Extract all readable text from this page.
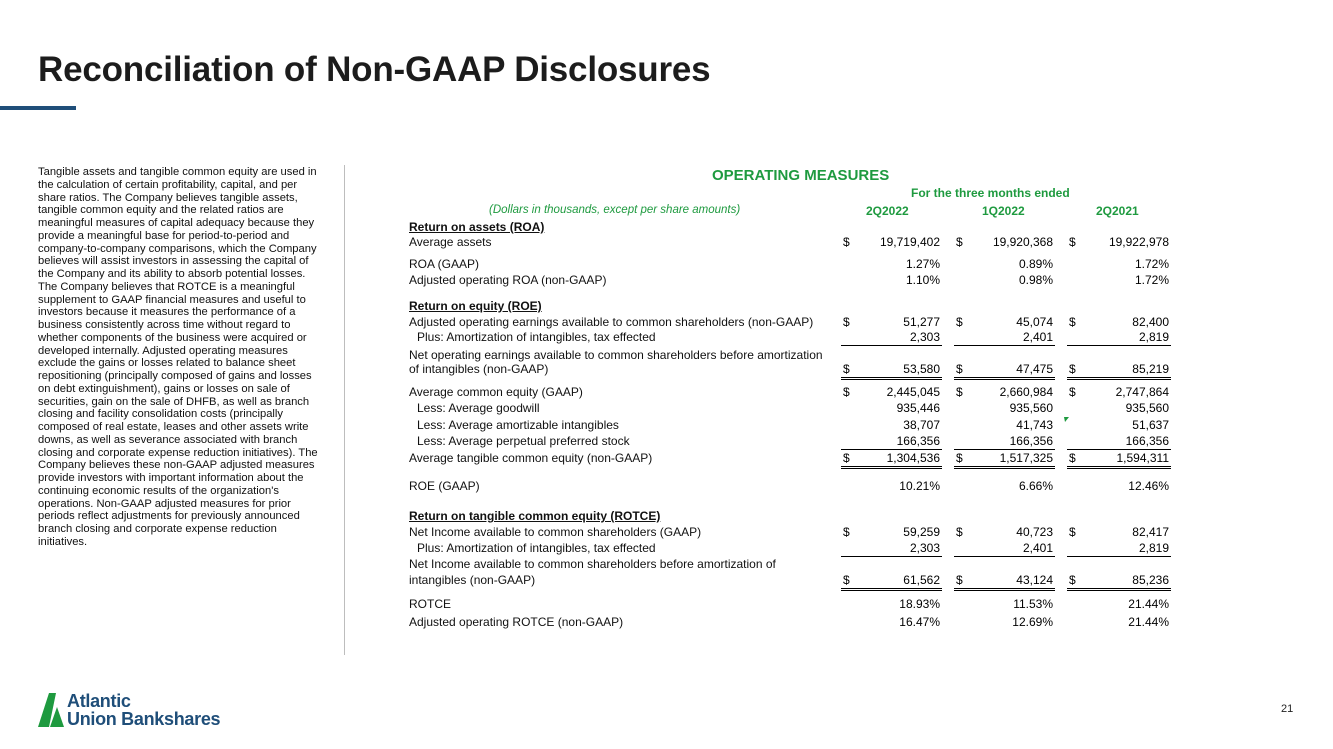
Reconciliation of Non-GAAP Disclosures
Tangible assets and tangible common equity are used in the calculation of certain profitability, capital, and per share ratios. The Company believes tangible assets, tangible common equity and the related ratios are meaningful measures of capital adequacy because they provide a meaningful base for period-to-period and company-to-company comparisons, which the Company believes will assist investors in assessing the capital of the Company and its ability to absorb potential losses. The Company believes that ROTCE is a meaningful supplement to GAAP financial measures and useful to investors because it measures the performance of a business consistently across time without regard to whether components of the business were acquired or developed internally. Adjusted operating measures exclude the gains or losses related to balance sheet repositioning (principally composed of gains and losses on debt extinguishment), gains or losses on sale of securities, gain on the sale of DHFB, as well as branch closing and facility consolidation costs (principally composed of real estate, leases and other assets write downs, as well as severance associated with branch closing and corporate expense reduction initiatives). The Company believes these non-GAAP adjusted measures provide investors with important information about the continuing economic results of the organization's operations. Non-GAAP adjusted measures for prior periods reflect adjustments for previously announced branch closing and corporate expense reduction initiatives.
OPERATING MEASURES
For the three months ended
(Dollars in thousands, except per share amounts)	2Q2022	1Q2022	2Q2021
Return on assets (ROA)
Average assets	$	19,719,402 $	19,920,368 $	19,922,978
ROA (GAAP)	1.27%	0.89%	1.72%
Adjusted operating ROA (non-GAAP)	1.10%	0.98%	1.72%
Return on equity (ROE)
Adjusted operating earnings available to common shareholders (non-GAAP) $	51,277 $	45,074 $	82,400
Plus: Amortization of intangibles, tax effected	2,303	2,401	2,819
Net operating earnings available to common shareholders before amortization
of intangibles (non-GAAP)	$	53,580 $	47,475 $	85,219
Average common equity (GAAP)	$	2,445,045 $	2,660,984 $	2,747,864
Less: Average goodwill	935,446	935,560	935,560
Less: Average amortizable intangibles	38,707	41,743	51,637
Less: Average perpetual preferred stock	166,356	166,356	166,356
Average tangible common equity (non-GAAP)	$	1,304,536 $	1,517,325 $	1,594,311
ROE (GAAP)	10.21%	6.66%	12.46%
Return on tangible common equity (ROTCE)
Net Income available to common shareholders (GAAP)	$	59,259 $	40,723 $	82,417
Plus: Amortization of intangibles, tax effected	2,303	2,401	2,819
Net Income available to common shareholders before amortization of
intangibles (non-GAAP)	$	61,562 $	43,124 $	85,236
ROTCE	18.93%	11.53%	21.44%
Adjusted operating ROTCE (non-GAAP)	16.47%	12.69%	21.44%
Atlantic
Union Bankshares	21
